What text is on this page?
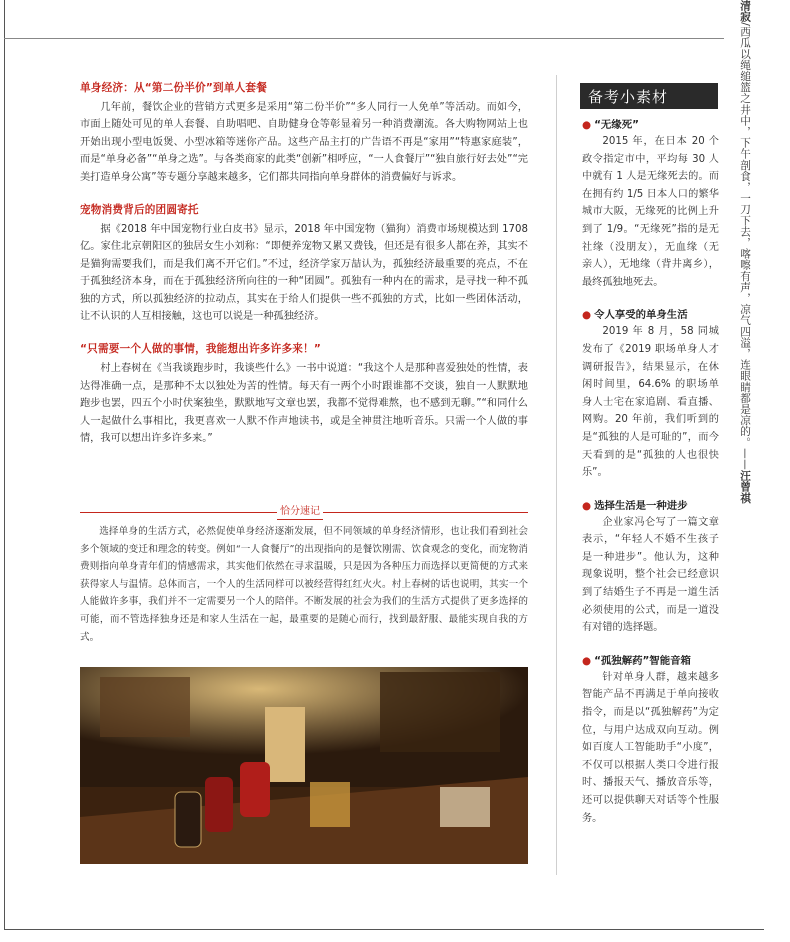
清寂/西瓜以绳缒篮之井中，下午剖食，一刀下去，喀嚓有声，凉气四溢，连眼睛都是凉的。——汪曾祺

单身经济：从“第二份半价”到单人套餐

几年前，餐饮企业的营销方式更多是采用“第二份半价”“多人同行一人免单”等活动。而如今，市面上随处可见的单人套餐、自助唱吧、自助健身仓等彰显着另一种消费潮流。各大购物网站上也开始出现小型电饭煲、小型冰箱等迷你产品。这些产品主打的广告语不再是“家用”“特惠家庭装”，而是“单身必备”“单身之选”。与各类商家的此类“创新”相呼应，“一人食餐厅”“独自旅行好去处”“完美打造单身公寓”等专题分享越来越多，它们都共同指向单身群体的消费偏好与诉求。

宠物消费背后的团圆寄托

据《2018 年中国宠物行业白皮书》显示，2018 年中国宠物（猫狗）消费市场规模达到 1708 亿。家住北京朝阳区的独居女生小刘称：“即便养宠物又累又费钱，但还是有很多人都在养，其实不是猫狗需要我们，而是我们离不开它们。”不过，经济学家万喆认为，孤独经济最重要的亮点，不在于孤独经济本身，而在于孤独经济所向往的一种“团圆”。孤独有一种内在的需求，是寻找一种不孤独的方式，所以孤独经济的拉动点，其实在于给人们提供一些不孤独的方式，比如一些团体活动，让不认识的人互相接触，这也可以说是一种孤独经济。

“只需要一个人做的事情，我能想出许多许多来！”

村上春树在《当我谈跑步时，我谈些什么》一书中说道：“我这个人是那种喜爱独处的性情，表达得准确一点，是那种不太以独处为苦的性情。每天有一两个小时跟谁都不交谈，独自一人默默地跑步也罢，四五个小时伏案独坐，默默地写文章也罢，我都不觉得难熬，也不感到无聊。”“和同什么人一起做什么事相比，我更喜欢一人默不作声地读书，或是全神贯注地听音乐。只需一个人做的事情，我可以想出许多许多来。”

恰分速记

选择单身的生活方式，必然促使单身经济逐渐发展，但不同领域的单身经济情形，也让我们看到社会多个领域的变迁和理念的转变。例如“一人食餐厅”的出现指向的是餐饮刚需、饮食观念的变化，而宠物消费则指向单身青年们的情感需求，其实他们依然在寻求温暖，只是因为各种压力而选择以更简便的方式来获得家人与温情。总体而言，一个人的生活同样可以被经营得红红火火。村上春树的话也说明，其实一个人能做许多事，我们并不一定需要另一个人的陪伴。不断发展的社会为我们的生活方式提供了更多选择的可能，而不管选择独身还是和家人生活在一起，最重要的是随心而行，找到最舒服、最能实现自我的方式。

备考小素材

● “无缘死”

2015 年，在日本 20 个政令指定市中，平均每 30 人中就有 1 人是无缘死去的。而在拥有约 1/5 日本人口的繁华城市大阪，无缘死的比例上升到了 1/9。“无缘死”指的是无社缘（没朋友），无血缘（无亲人），无地缘（背井离乡），最终孤独地死去。

● 令人享受的单身生活

2019 年 8 月，58 同城发布了《2019 职场单身人才调研报告》，结果显示，在休闲时间里，64.6% 的职场单身人士宅在家追剧、看直播、网购。20 年前，我们听到的是“孤独的人是可耻的”，而今天看到的是“孤独的人也很快乐”。

● 选择生活是一种进步

企业家冯仑写了一篇文章表示，“年轻人不婚不生孩子是一种进步”。他认为，这种现象说明，整个社会已经意识到了结婚生子不再是一道生活必须使用的公式，而是一道没有对错的选择题。

● “孤独解药”智能音箱

针对单身人群，越来越多智能产品不再满足于单向接收指令，而是以“孤独解药”为定位，与用户达成双向互动。例如百度人工智能助手“小度”，不仅可以根据人类口令进行报时、播报天气、播放音乐等，还可以提供聊天对话等个性服务。
